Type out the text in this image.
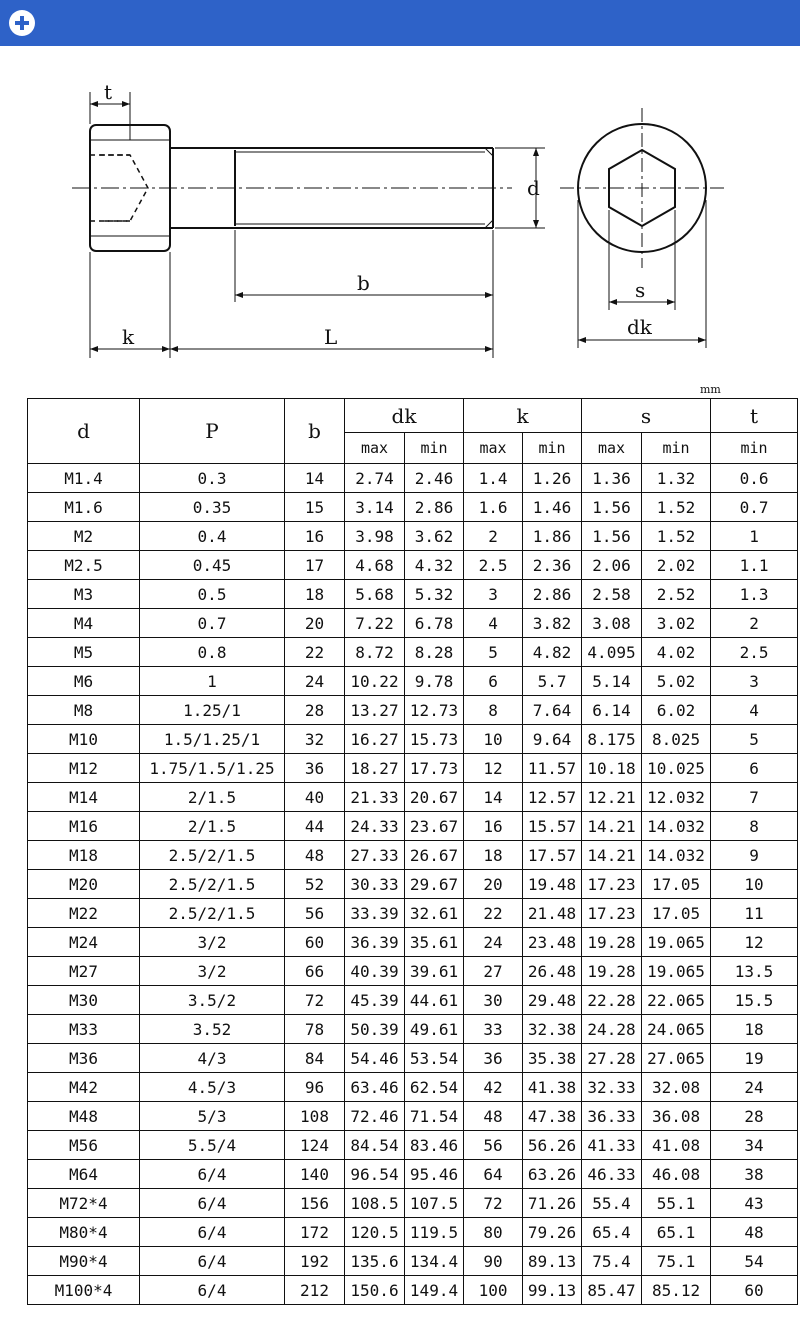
t
d
b
k	L
s
dk
mm
d	P	b	dk		k		s		t
			max	min	max	min	max	min	min
M1.4	0.3	14	2.74	2.46	1.4	1.26	1.36	1.32	0.6
M1.6	0.35	15	3.14	2.86	1.6	1.46	1.56	1.52	0.7
M2	0.4	16	3.98	3.62	2	1.86	1.56	1.52	1
M2.5	0.45	17	4.68	4.32	2.5	2.36	2.06	2.02	1.1
M3	0.5	18	5.68	5.32	3	2.86	2.58	2.52	1.3
M4	0.7	20	7.22	6.78	4	3.82	3.08	3.02	2
M5	0.8	22	8.72	8.28	5	4.82	4.095	4.02	2.5
M6	1	24	10.22	9.78	6	5.7	5.14	5.02	3
M8	1.25/1	28	13.27	12.73	8	7.64	6.14	6.02	4
M10	1.5/1.25/1	32	16.27	15.73	10	9.64	8.175	8.025	5
M12	1.75/1.5/1.25	36	18.27	17.73	12	11.57	10.18	10.025	6
M14	2/1.5	40	21.33	20.67	14	12.57	12.21	12.032	7
M16	2/1.5	44	24.33	23.67	16	15.57	14.21	14.032	8
M18	2.5/2/1.5	48	27.33	26.67	18	17.57	14.21	14.032	9
M20	2.5/2/1.5	52	30.33	29.67	20	19.48	17.23	17.05	10
M22	2.5/2/1.5	56	33.39	32.61	22	21.48	17.23	17.05	11
M24	3/2	60	36.39	35.61	24	23.48	19.28	19.065	12
M27	3/2	66	40.39	39.61	27	26.48	19.28	19.065	13.5
M30	3.5/2	72	45.39	44.61	30	29.48	22.28	22.065	15.5
M33	3.52	78	50.39	49.61	33	32.38	24.28	24.065	18
M36	4/3	84	54.46	53.54	36	35.38	27.28	27.065	19
M42	4.5/3	96	63.46	62.54	42	41.38	32.33	32.08	24
M48	5/3	108	72.46	71.54	48	47.38	36.33	36.08	28
M56	5.5/4	124	84.54	83.46	56	56.26	41.33	41.08	34
M64	6/4	140	96.54	95.46	64	63.26	46.33	46.08	38
M72*4	6/4	156	108.5	107.5	72	71.26	55.4	55.1	43
M80*4	6/4	172	120.5	119.5	80	79.26	65.4	65.1	48
M90*4	6/4	192	135.6	134.4	90	89.13	75.4	75.1	54
M100*4	6/4	212	150.6	149.4	100	99.13	85.47	85.12	60
